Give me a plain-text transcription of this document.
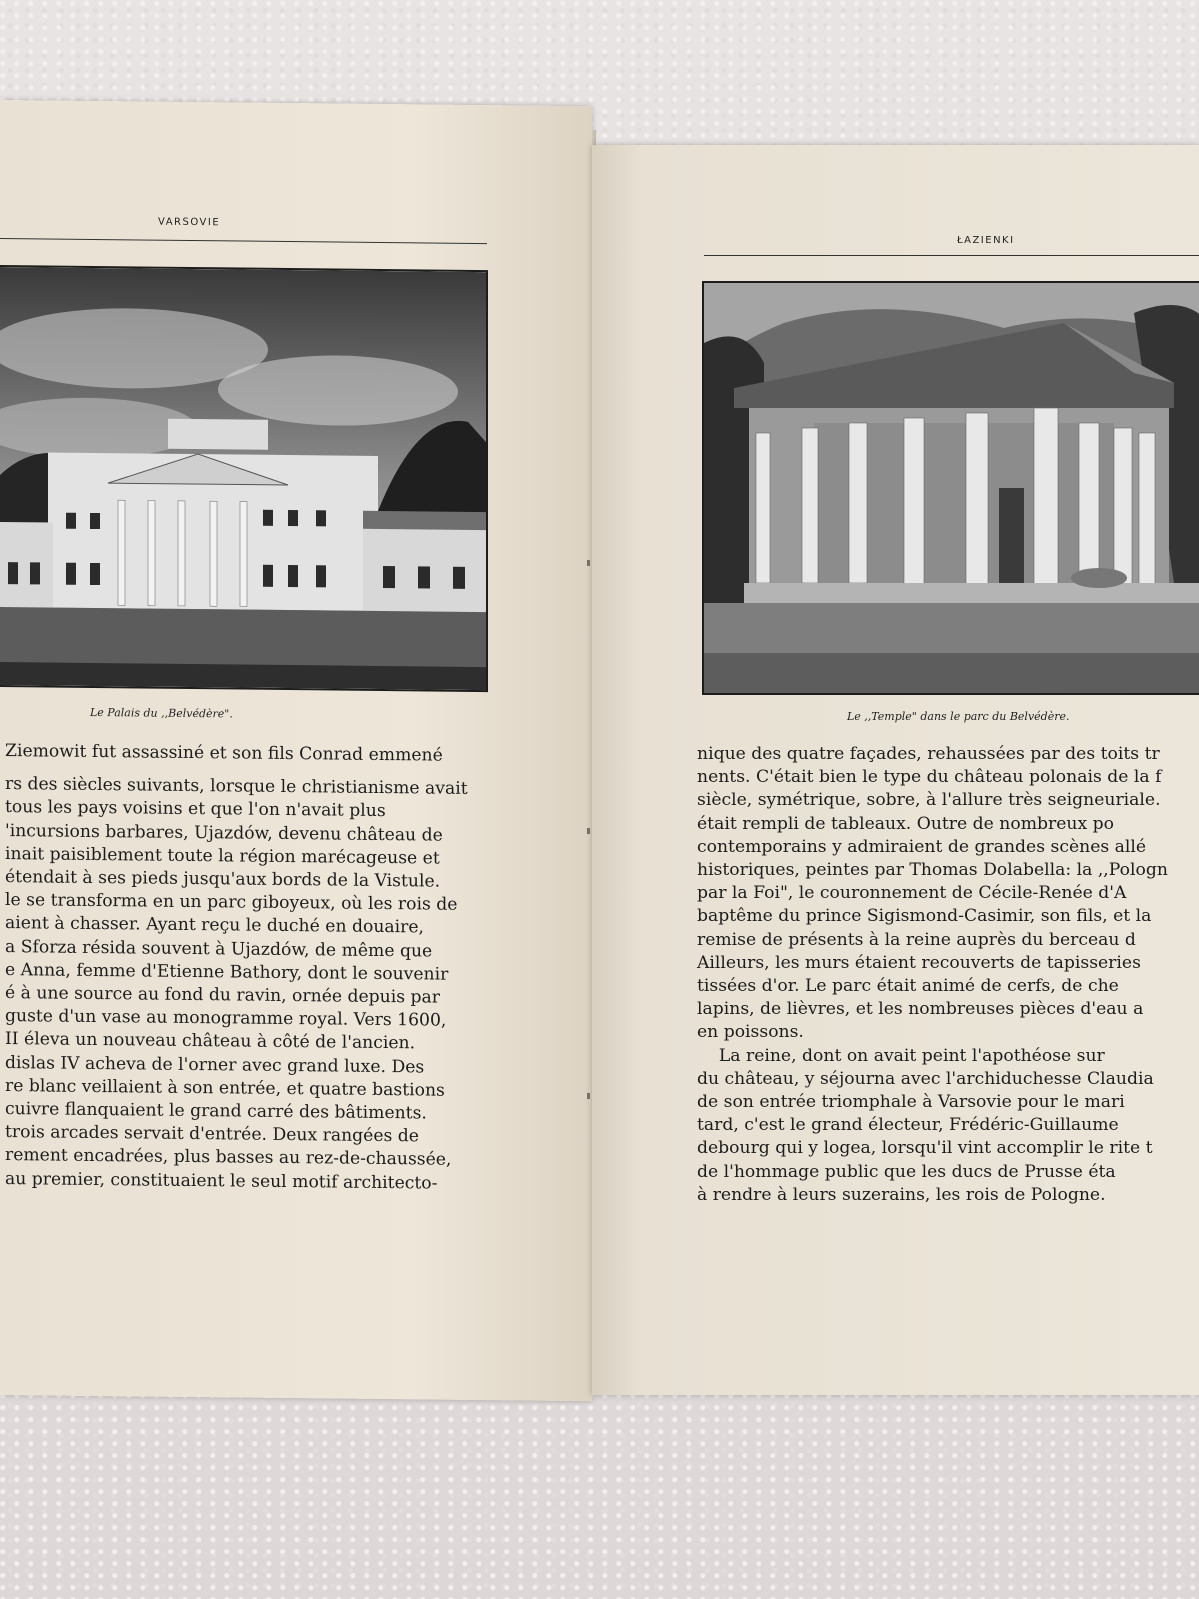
VARSOVIE
Le Palais du ,,Belvédère".
Ziemowit fut assassiné et son fils Conrad emmené
rs des siècles suivants, lorsque le christianisme avait
tous les pays voisins et que l'on n'avait plus
'incursions barbares, Ujazdów, devenu château de
inait paisiblement toute la région marécageuse et
étendait à ses pieds jusqu'aux bords de la Vistule.
le se transforma en un parc giboyeux, où les rois de
aient à chasser. Ayant reçu le duché en douaire,
a Sforza résida souvent à Ujazdów, de même que
e Anna, femme d'Etienne Bathory, dont le souvenir
é à une source au fond du ravin, ornée depuis par
guste d'un vase au monogramme royal. Vers 1600,
II éleva un nouveau château à côté de l'ancien.
dislas IV acheva de l'orner avec grand luxe. Des
re blanc veillaient à son entrée, et quatre bastions
cuivre flanquaient le grand carré des bâtiments.
trois arcades servait d'entrée. Deux rangées de
rement encadrées, plus basses au rez-de-chaussée,
au premier, constituaient le seul motif architecto-
ŁAZIENKI
Le ,,Temple" dans le parc du Belvédère.
nique des quatre façades, rehaussées par des toits tr
nents. C'était bien le type du château polonais de la f
siècle, symétrique, sobre, à l'allure très seigneuriale.
était rempli de tableaux. Outre de nombreux po
contemporains y admiraient de grandes scènes allé
historiques, peintes par Thomas Dolabella: la ,,Pologn
par la Foi", le couronnement de Cécile-Renée d'A
baptême du prince Sigismond-Casimir, son fils, et la
remise de présents à la reine auprès du berceau d
Ailleurs, les murs étaient recouverts de tapisseries
tissées d'or. Le parc était animé de cerfs, de che
lapins, de lièvres, et les nombreuses pièces d'eau a
en poissons.
La reine, dont on avait peint l'apothéose sur
du château, y séjourna avec l'archiduchesse Claudia
de son entrée triomphale à Varsovie pour le mari
tard, c'est le grand électeur, Frédéric-Guillaume
debourg qui y logea, lorsqu'il vint accomplir le rite t
de l'hommage public que les ducs de Prusse éta
à rendre à leurs suzerains, les rois de Pologne.
